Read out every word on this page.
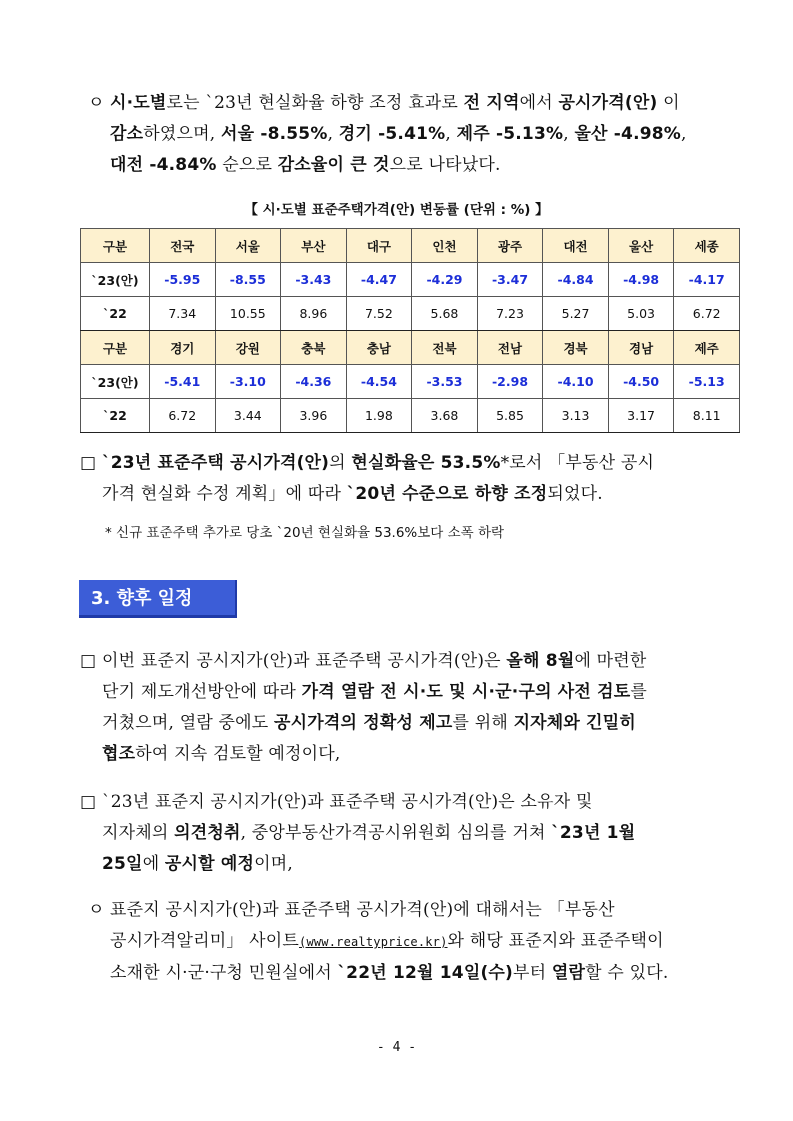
ㅇ 시·도별로는 `23년 현실화율 하향 조정 효과로 전 지역에서 공시가격(안) 이
감소하였으며, 서울 -8.55%, 경기 -5.41%, 제주 -5.13%, 울산 -4.98%,
대전 -4.84% 순으로 감소율이 큰 것으로 나타났다.
【 시·도별 표준주택가격(안) 변동률 (단위 : %) 】
구분	전국	서울	부산	대구	인천	광주	대전	울산	세종
`23(안)	-5.95	-8.55	-3.43	-4.47	-4.29	-3.47	-4.84	-4.98	-4.17
`22	7.34	10.55	8.96	7.52	5.68	7.23	5.27	5.03	6.72
구분	경기	강원	충북	충남	전북	전남	경북	경남	제주
`23(안)	-5.41	-3.10	-4.36	-4.54	-3.53	-2.98	-4.10	-4.50	-5.13
`22	6.72	3.44	3.96	1.98	3.68	5.85	3.13	3.17	8.11
□ `23년 표준주택 공시가격(안)의 현실화율은 53.5%*로서 「부동산 공시
가격 현실화 수정 계획」에 따라 `20년 수준으로 하향 조정되었다.
* 신규 표준주택 추가로 당초 `20년 현실화율 53.6%보다 소폭 하락
3. 향후 일정
□ 이번 표준지 공시지가(안)과 표준주택 공시가격(안)은 올해 8월에 마련한
단기 제도개선방안에 따라 가격 열람 전 시·도 및 시·군·구의 사전 검토를
거쳤으며, 열람 중에도 공시가격의 정확성 제고를 위해 지자체와 긴밀히
협조하여 지속 검토할 예정이다,
□ `23년 표준지 공시지가(안)과 표준주택 공시가격(안)은 소유자 및
지자체의 의견청취, 중앙부동산가격공시위원회 심의를 거쳐 `23년 1월
25일에 공시할 예정이며,
ㅇ 표준지 공시지가(안)과 표준주택 공시가격(안)에 대해서는 「부동산
공시가격알리미」 사이트(www.realtyprice.kr)와 해당 표준지와 표준주택이
소재한 시·군·구청 민원실에서 `22년 12월 14일(수)부터 열람할 수 있다.
- 4 -
